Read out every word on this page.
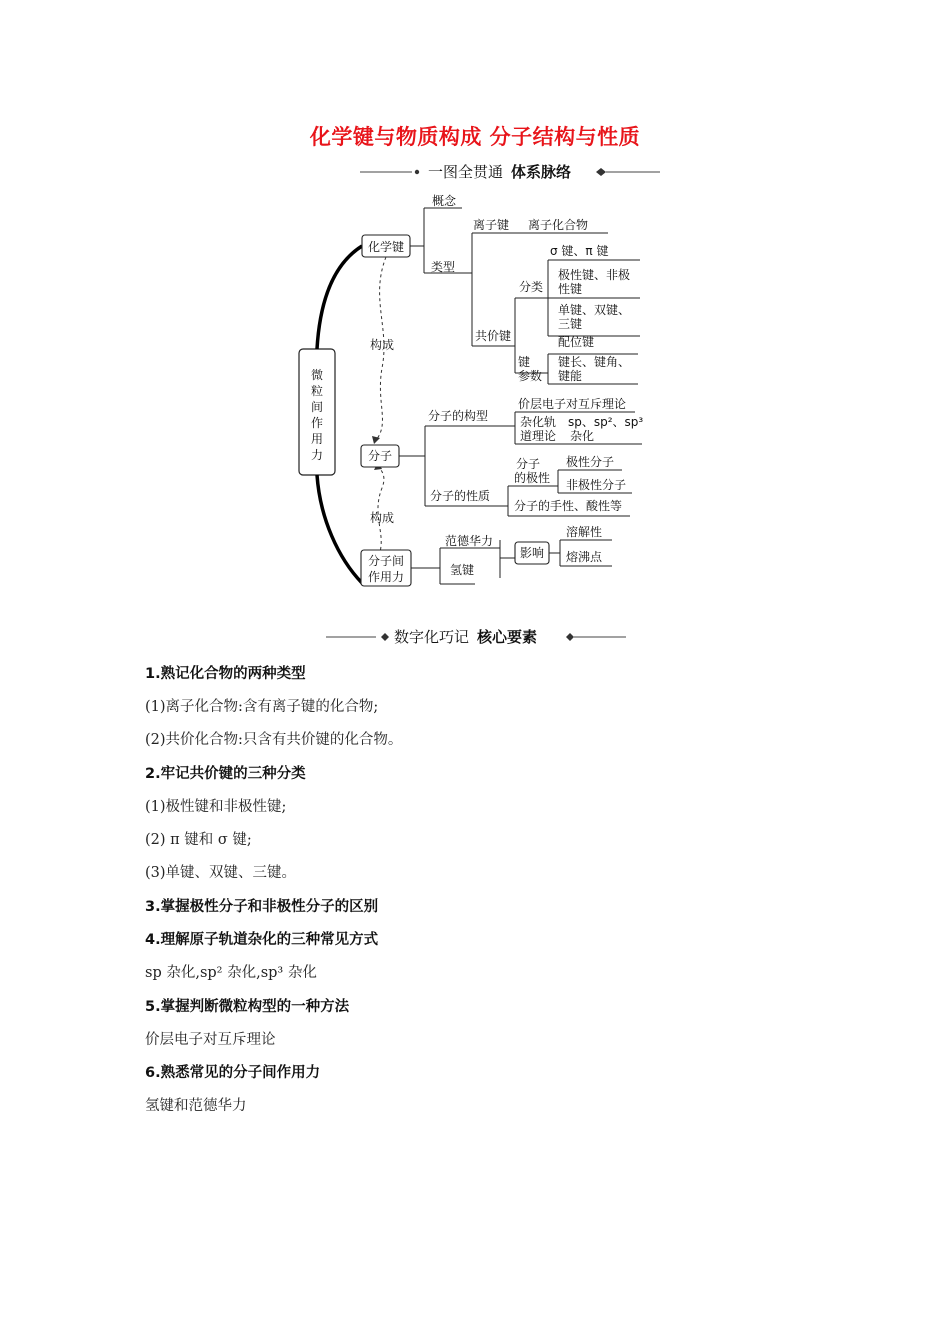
化学键与物质构成 分子结构与性质
一图全贯通 体系脉络
微
粒
间
作
用
力
化学键
概念
类型
离子键 离子化合物
共价键
分类
键
参数
σ 键、π 键
极性键、非极
性键
单键、双键、
三键
配位键
键长、键角、
键能
构成
构成
分子
分子的构型
分子的性质
价层电子对互斥理论
杂化轨
道理论
sp、sp²、sp³
杂化
分子
的极性
极性分子
非极性分子
分子的手性、酸性等
分子间
作用力
范德华力
氢键
影响
溶解性
熔沸点
数字化巧记 核心要素
1.熟记化合物的两种类型
(1)离子化合物:含有离子键的化合物;
(2)共价化合物:只含有共价键的化合物。
2.牢记共价键的三种分类
(1)极性键和非极性键;
(2) π 键和 σ 键;
(3)单键、双键、三键。
3.掌握极性分子和非极性分子的区别
4.理解原子轨道杂化的三种常见方式
sp 杂化,sp² 杂化,sp³ 杂化
5.掌握判断微粒构型的一种方法
价层电子对互斥理论
6.熟悉常见的分子间作用力
氢键和范德华力
